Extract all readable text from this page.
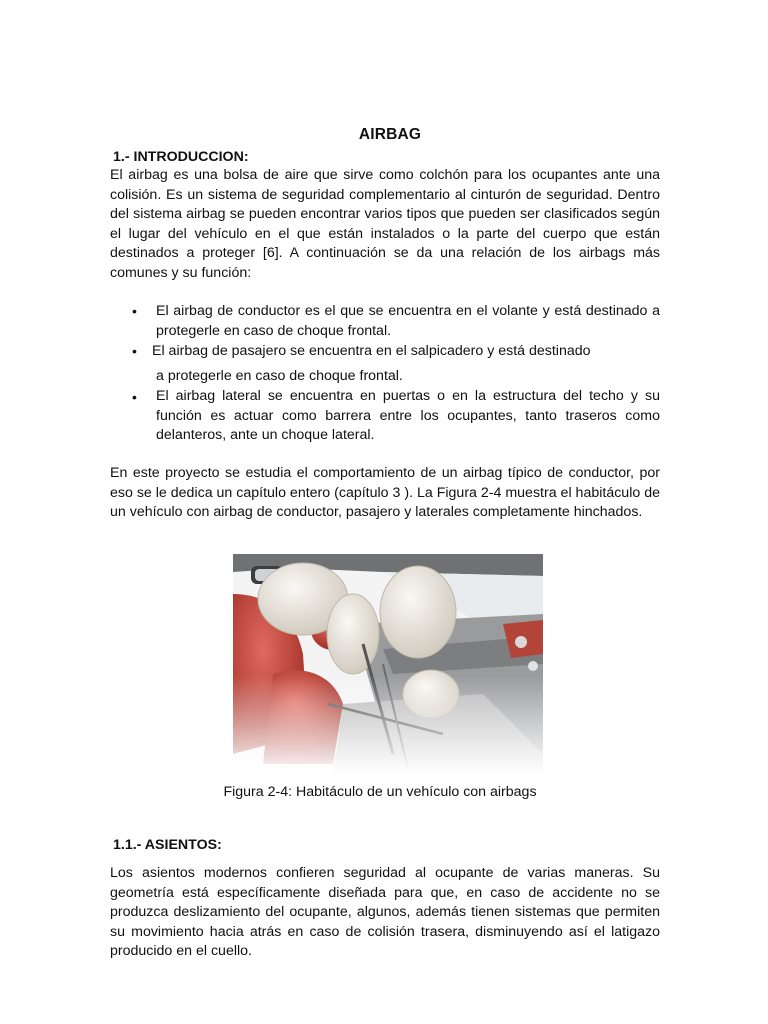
AIRBAG
1.- INTRODUCCION:

El airbag es una bolsa de aire que sirve como colchón para los ocupantes ante una colisión. Es un sistema de seguridad complementario al cinturón de seguridad. Dentro del sistema airbag se pueden encontrar varios tipos que pueden ser clasificados según el lugar del vehículo en el que están instalados o la parte del cuerpo que están destinados a proteger [6]. A continuación se da una relación de los airbags más comunes y su función:

• El airbag de conductor es el que se encuentra en el volante y está destinado a protegerle en caso de choque frontal.
• El airbag de pasajero se encuentra en el salpicadero y está destinado
a protegerle en caso de choque frontal.
• El airbag lateral se encuentra en puertas o en la estructura del techo y su función es actuar como barrera entre los ocupantes, tanto traseros como delanteros, ante un choque lateral.

En este proyecto se estudia el comportamiento de un airbag típico de conductor, por eso se le dedica un capítulo entero (capítulo 3 ). La Figura 2-4 muestra el habitáculo de un vehículo con airbag de conductor, pasajero y laterales completamente hinchados.

Figura 2-4: Habitáculo de un vehículo con airbags
1.1.- ASIENTOS:

Los asientos modernos confieren seguridad al ocupante de varias maneras. Su geometría está específicamente diseñada para que, en caso de accidente no se produzca deslizamiento del ocupante, algunos, además tienen sistemas que permiten su movimiento hacia atrás en caso de colisión trasera, disminuyendo así el latigazo producido en el cuello.
